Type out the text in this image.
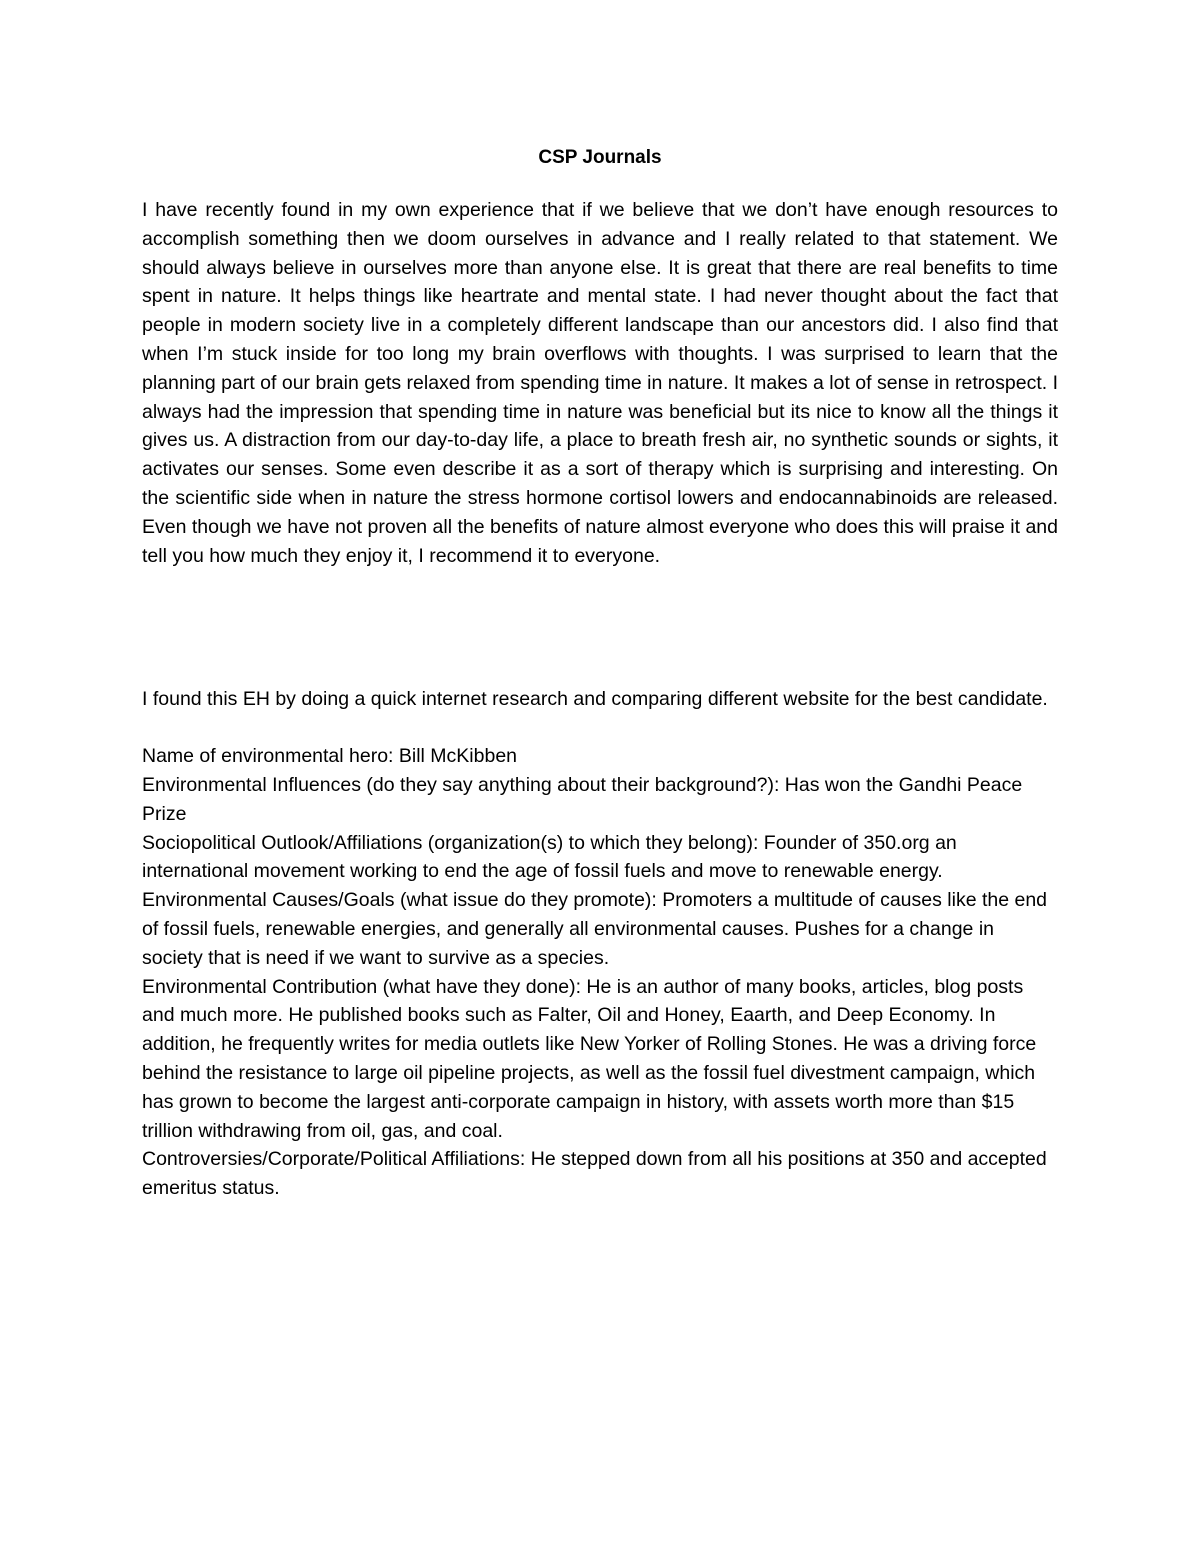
CSP Journals

I have recently found in my own experience that if we believe that we don’t have enough resources to accomplish something then we doom ourselves in advance and I really related to that statement. We should always believe in ourselves more than anyone else. It is great that there are real benefits to time spent in nature. It helps things like heartrate and mental state. I had never thought about the fact that people in modern society live in a completely different landscape than our ancestors did. I also find that when I’m stuck inside for too long my brain overflows with thoughts. I was surprised to learn that the planning part of our brain gets relaxed from spending time in nature. It makes a lot of sense in retrospect. I always had the impression that spending time in nature was beneficial but its nice to know all the things it gives us. A distraction from our day-to-day life, a place to breath fresh air, no synthetic sounds or sights, it activates our senses. Some even describe it as a sort of therapy which is surprising and interesting. On the scientific side when in nature the stress hormone cortisol lowers and endocannabinoids are released. Even though we have not proven all the benefits of nature almost everyone who does this will praise it and tell you how much they enjoy it, I recommend it to everyone.

I found this EH by doing a quick internet research and comparing different website for the best candidate.

Name of environmental hero: Bill McKibben

Environmental Influences (do they say anything about their background?): Has won the Gandhi Peace Prize

Sociopolitical Outlook/Affiliations (organization(s) to which they belong): Founder of 350.org an international movement working to end the age of fossil fuels and move to renewable energy.

Environmental Causes/Goals (what issue do they promote): Promoters a multitude of causes like the end of fossil fuels, renewable energies, and generally all environmental causes. Pushes for a change in society that is need if we want to survive as a species.

Environmental Contribution (what have they done): He is an author of many books, articles, blog posts and much more. He published books such as Falter, Oil and Honey, Eaarth, and Deep Economy. In addition, he frequently writes for media outlets like New Yorker of Rolling Stones. He was a driving force behind the resistance to large oil pipeline projects, as well as the fossil fuel divestment campaign, which has grown to become the largest anti-corporate campaign in history, with assets worth more than $15 trillion withdrawing from oil, gas, and coal.

Controversies/Corporate/Political Affiliations: He stepped down from all his positions at 350 and accepted emeritus status.
